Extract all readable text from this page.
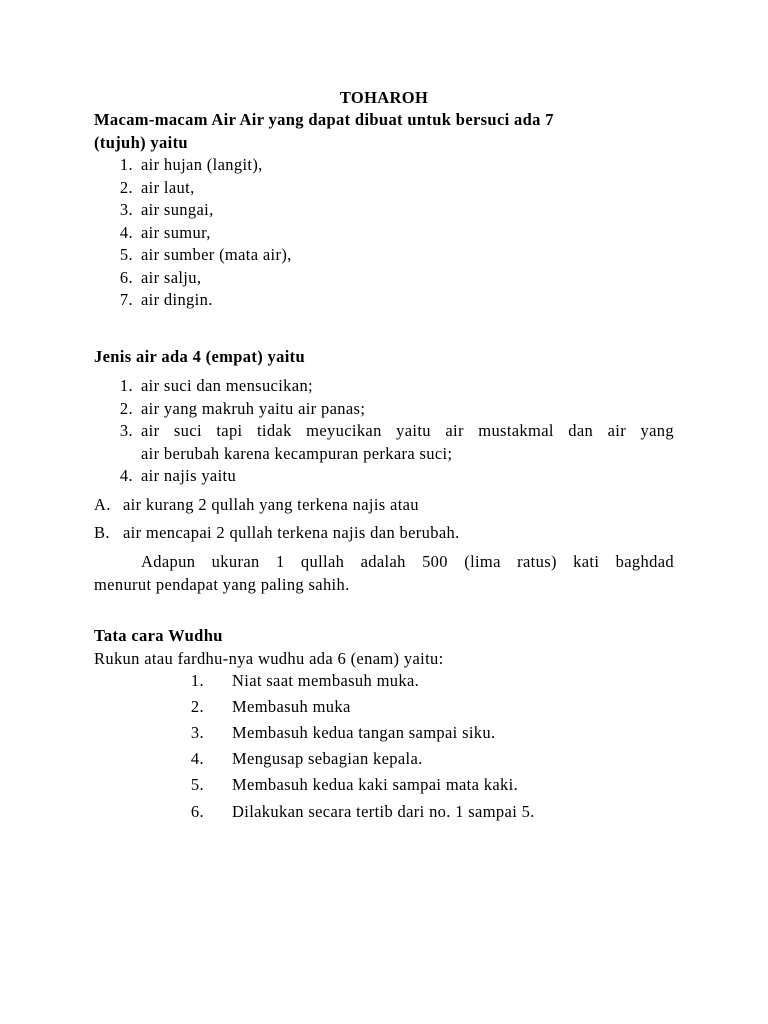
TOHAROH
Macam-macam Air Air yang dapat dibuat untuk bersuci ada 7
(tujuh) yaitu
1. air hujan (langit),
2. air laut,
3. air sungai,
4. air sumur,
5. air sumber (mata air),
6. air salju,
7. air dingin.
Jenis air ada 4 (empat) yaitu
1. air suci dan mensucikan;
2. air yang makruh yaitu air panas;
3. air suci tapi tidak meyucikan yaitu air mustakmal dan air yang
air berubah karena kecampuran perkara suci;
4. air najis yaitu
A. air kurang 2 qullah yang terkena najis atau
B. air mencapai 2 qullah terkena najis dan berubah.
Adapun ukuran 1 qullah adalah 500 (lima ratus) kati baghdad
menurut pendapat yang paling sahih.
Tata cara Wudhu
Rukun atau fardhu-nya wudhu ada 6 (enam) yaitu:
1. Niat saat membasuh muka.
2. Membasuh muka
3. Membasuh kedua tangan sampai siku.
4. Mengusap sebagian kepala.
5. Membasuh kedua kaki sampai mata kaki.
6. Dilakukan secara tertib dari no. 1 sampai 5.
